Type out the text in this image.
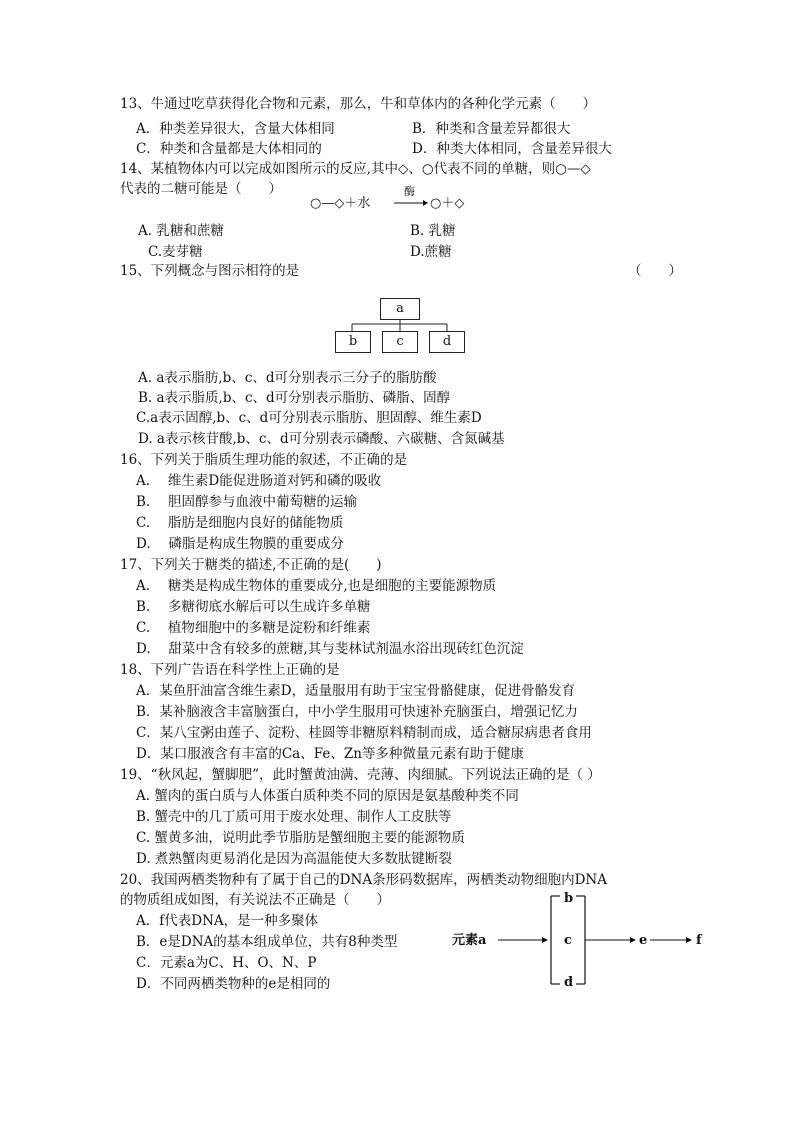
13、牛通过吃草获得化合物和元素，那么，牛和草体内的各种化学元素（　　）
A．种类差异很大，含量大体相同	B．种类和含量差异都很大
C．种类和含量都是大体相同的	D．种类大体相同，含量差异很大
14、某植物体内可以完成如图所示的反应,其中◇、○代表不同的单糖，则○—◇
代表的二糖可能是（　　）
○—◇＋水
酶
→ ○＋◇
A. 乳糖和蔗糖	B. 乳糖
C.麦芽糖	D.蔗糖
15、下列概念与图示相符的是	（　　）
a
b	c	d
A. a表示脂肪,b、c、d可分别表示三分子的脂肪酸
B. a表示脂质,b、c、d可分别表示脂肪、磷脂、固醇
C.a表示固醇,b、c、d可分别表示脂肪、胆固醇、维生素D
D. a表示核苷酸,b、c、d可分别表示磷酸、六碳糖、含氮碱基
16、下列关于脂质生理功能的叙述，不正确的是
A.　 维生素D能促进肠道对钙和磷的吸收
B.　 胆固醇参与血液中葡萄糖的运输
C.　 脂肪是细胞内良好的储能物质
D.　 磷脂是构成生物膜的重要成分
17、下列关于糖类的描述,不正确的是(　　)
A.　 糖类是构成生物体的重要成分,也是细胞的主要能源物质
B.　 多糖彻底水解后可以生成许多单糖
C.　 植物细胞中的多糖是淀粉和纤维素
D.　 甜菜中含有较多的蔗糖,其与斐林试剂温水浴出现砖红色沉淀
18、下列广告语在科学性上正确的是
A．某鱼肝油富含维生素D，适量服用有助于宝宝骨骼健康，促进骨骼发育
B．某补脑液含丰富脑蛋白，中小学生服用可快速补充脑蛋白，增强记忆力
C．某八宝粥由莲子、淀粉、桂圆等非糖原料精制而成，适合糖尿病患者食用
D．某口服液含有丰富的Ca、Fe、Zn等多种微量元素有助于健康
19、“秋风起，蟹脚肥”，此时蟹黄油满、壳薄、肉细腻。下列说法正确的是（ ）
A. 蟹肉的蛋白质与人体蛋白质种类不同的原因是氨基酸种类不同
B. 蟹壳中的几丁质可用于废水处理、制作人工皮肤等
C. 蟹黄多油，说明此季节脂肪是蟹细胞主要的能源物质
D. 煮熟蟹肉更易消化是因为高温能使大多数肽键断裂
20、我国两栖类物种有了属于自己的DNA条形码数据库，两栖类动物细胞内DNA
的物质组成如图，有关说法不正确是（　　）
A．f代表DNA，是一种多聚体
B．e是DNA的基本组成单位，共有8种类型
C．元素a为C、H、O、N、P
D．不同两栖类物种的e是相同的
元素a
b
c
d
e	f
